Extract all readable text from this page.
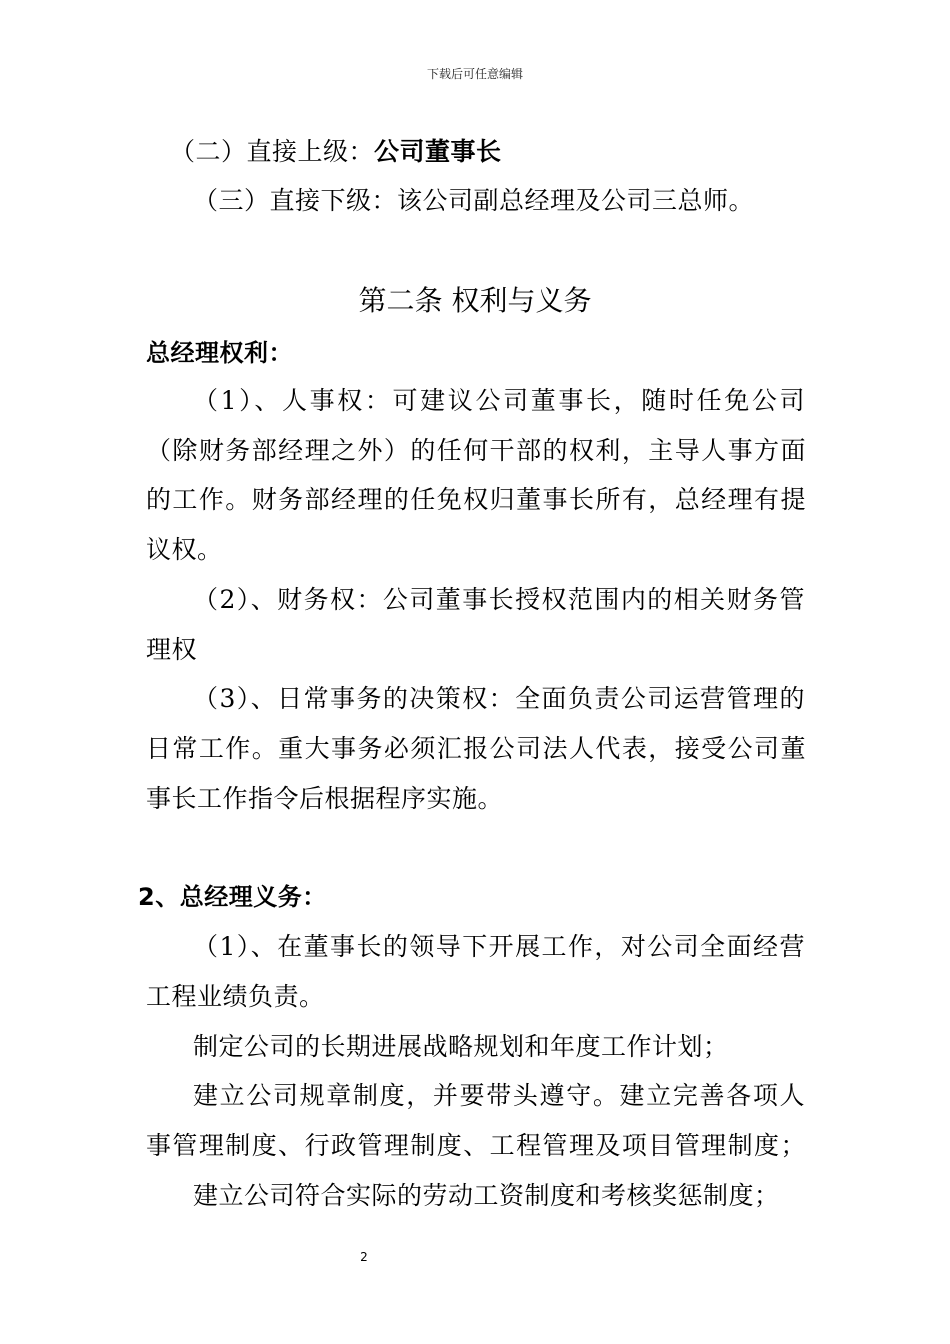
下载后可任意编辑
（二）直接上级：公司董事长
（三）直接下级：该公司副总经理及公司三总师。
第二条 权利与义务
总经理权利：
（1）、人事权：可建议公司董事长，随时任免公司
（除财务部经理之外）的任何干部的权利，主导人事方面
的工作。财务部经理的任免权归董事长所有，总经理有提
议权。
（2）、财务权：公司董事长授权范围内的相关财务管
理权
（3）、日常事务的决策权：全面负责公司运营管理的
日常工作。重大事务必须汇报公司法人代表，接受公司董
事长工作指令后根据程序实施。
2、总经理义务：
（1）、在董事长的领导下开展工作，对公司全面经营
工程业绩负责。
制定公司的长期进展战略规划和年度工作计划；
建立公司规章制度，并要带头遵守。建立完善各项人
事管理制度、行政管理制度、工程管理及项目管理制度；
建立公司符合实际的劳动工资制度和考核奖惩制度；
2
